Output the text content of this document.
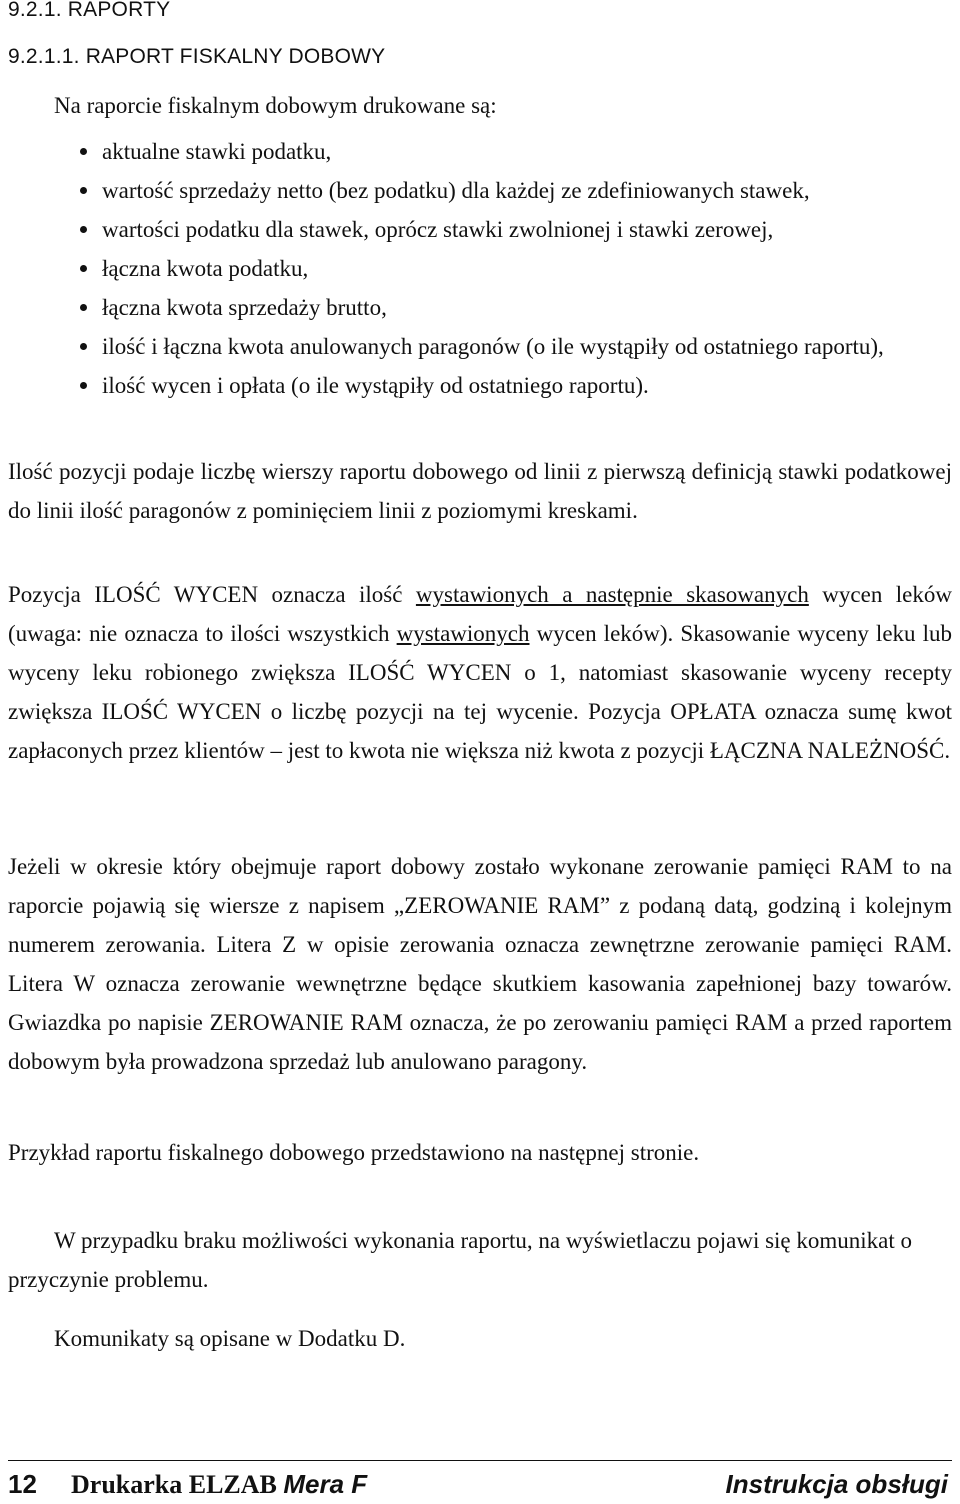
9.2.1. RAPORTY
9.2.1.1. RAPORT FISKALNY DOBOWY
Na raporcie fiskalnym dobowym drukowane są:
aktualne stawki podatku,
wartość sprzedaży netto (bez podatku) dla każdej ze zdefiniowanych stawek,
wartości podatku dla stawek, oprócz stawki zwolnionej i stawki zerowej,
łączna kwota podatku,
łączna kwota sprzedaży brutto,
ilość i łączna kwota anulowanych paragonów (o ile wystąpiły od ostatniego raportu),
ilość wycen i opłata (o ile wystąpiły od ostatniego raportu).
Ilość pozycji podaje liczbę wierszy raportu dobowego od linii z pierwszą definicją stawki podatkowej do linii ilość paragonów z pominięciem linii z poziomymi kreskami.
Pozycja ILOŚĆ WYCEN oznacza ilość wystawionych a następnie skasowanych wycen leków (uwaga: nie oznacza to ilości wszystkich wystawionych wycen leków). Skasowanie wyceny leku lub wyceny leku robionego zwiększa ILOŚĆ WYCEN o 1, natomiast skasowanie wyceny recepty zwiększa ILOŚĆ WYCEN o liczbę pozycji na tej wycenie. Pozycja OPŁATA oznacza sumę kwot zapłaconych przez klientów – jest to kwota nie większa niż kwota z pozycji ŁĄCZNA NALEŻNOŚĆ.
Jeżeli w okresie który obejmuje raport dobowy zostało wykonane zerowanie pamięci RAM to na raporcie pojawią się wiersze z napisem „ZEROWANIE RAM” z podaną datą, godziną i kolejnym numerem zerowania. Litera Z w opisie zerowania oznacza zewnętrzne zerowanie pamięci RAM. Litera W oznacza zerowanie wewnętrzne będące skutkiem kasowania zapełnionej bazy towarów. Gwiazdka po napisie ZEROWANIE RAM oznacza, że po zerowaniu pamięci RAM a przed raportem dobowym była prowadzona sprzedaż lub anulowano paragony.
Przykład raportu fiskalnego dobowego przedstawiono na następnej stronie.
W przypadku braku możliwości wykonania raportu, na wyświetlaczu pojawi się komunikat o przyczynie problemu.
Komunikaty są opisane w Dodatku D.
12 Drukarka ELZAB Mera F	Instrukcja obsługi
